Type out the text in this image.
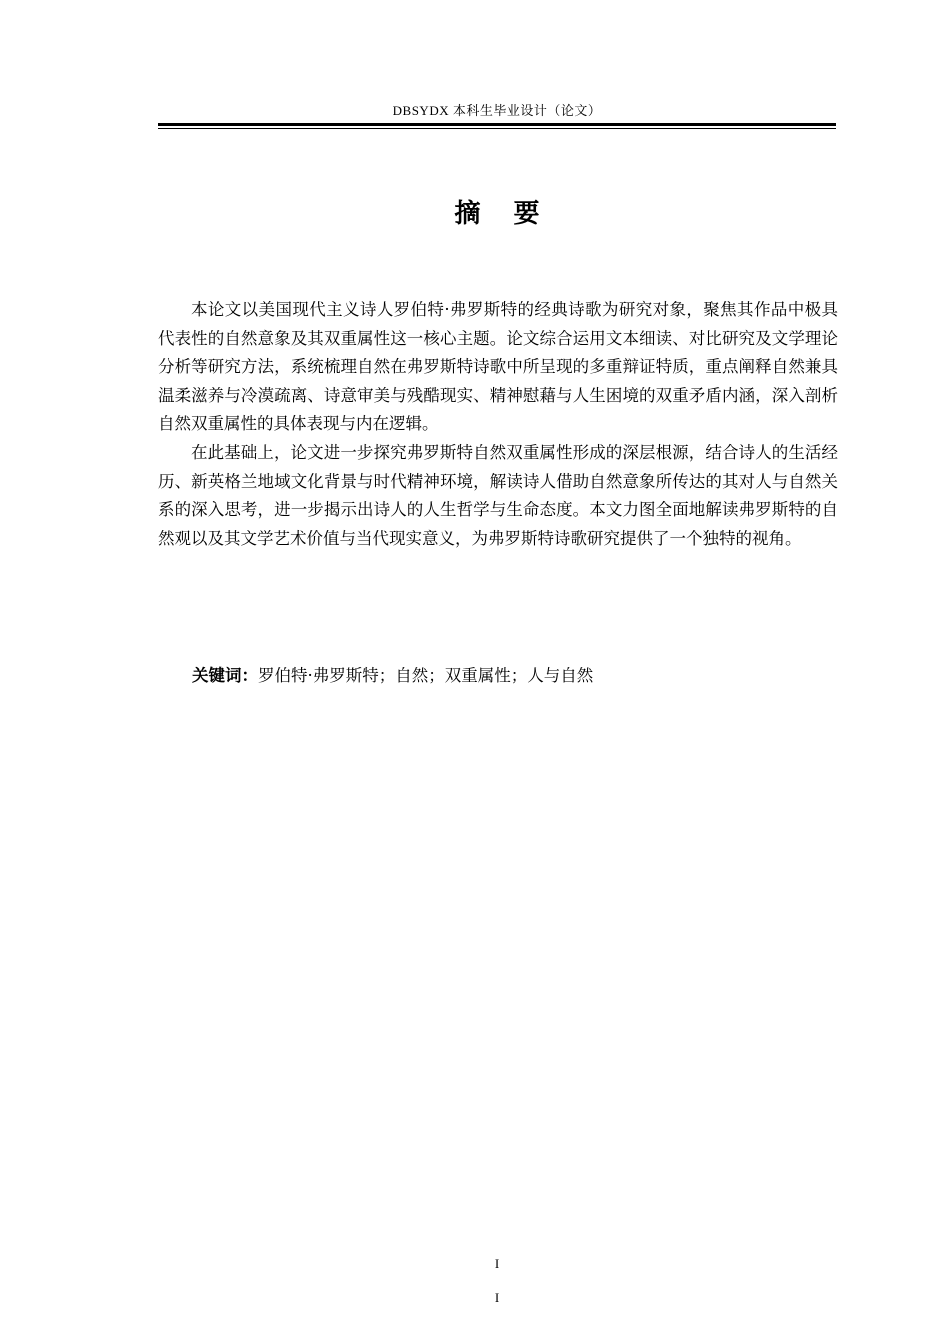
DBSYDX 本科生毕业设计（论文）
摘 要

本论文以美国现代主义诗人罗伯特·弗罗斯特的经典诗歌为研究对象，聚焦其作品中极具代表性的自然意象及其双重属性这一核心主题。论文综合运用文本细读、对比研究及文学理论分析等研究方法，系统梳理自然在弗罗斯特诗歌中所呈现的多重辩证特质，重点阐释自然兼具温柔滋养与冷漠疏离、诗意审美与残酷现实、精神慰藉与人生困境的双重矛盾内涵，深入剖析自然双重属性的具体表现与内在逻辑。

在此基础上，论文进一步探究弗罗斯特自然双重属性形成的深层根源，结合诗人的生活经历、新英格兰地域文化背景与时代精神环境，解读诗人借助自然意象所传达的其对人与自然关系的深入思考，进一步揭示出诗人的人生哲学与生命态度。本文力图全面地解读弗罗斯特的自然观以及其文学艺术价值与当代现实意义，为弗罗斯特诗歌研究提供了一个独特的视角。

关键词：罗伯特·弗罗斯特；自然；双重属性；人与自然
I
I
